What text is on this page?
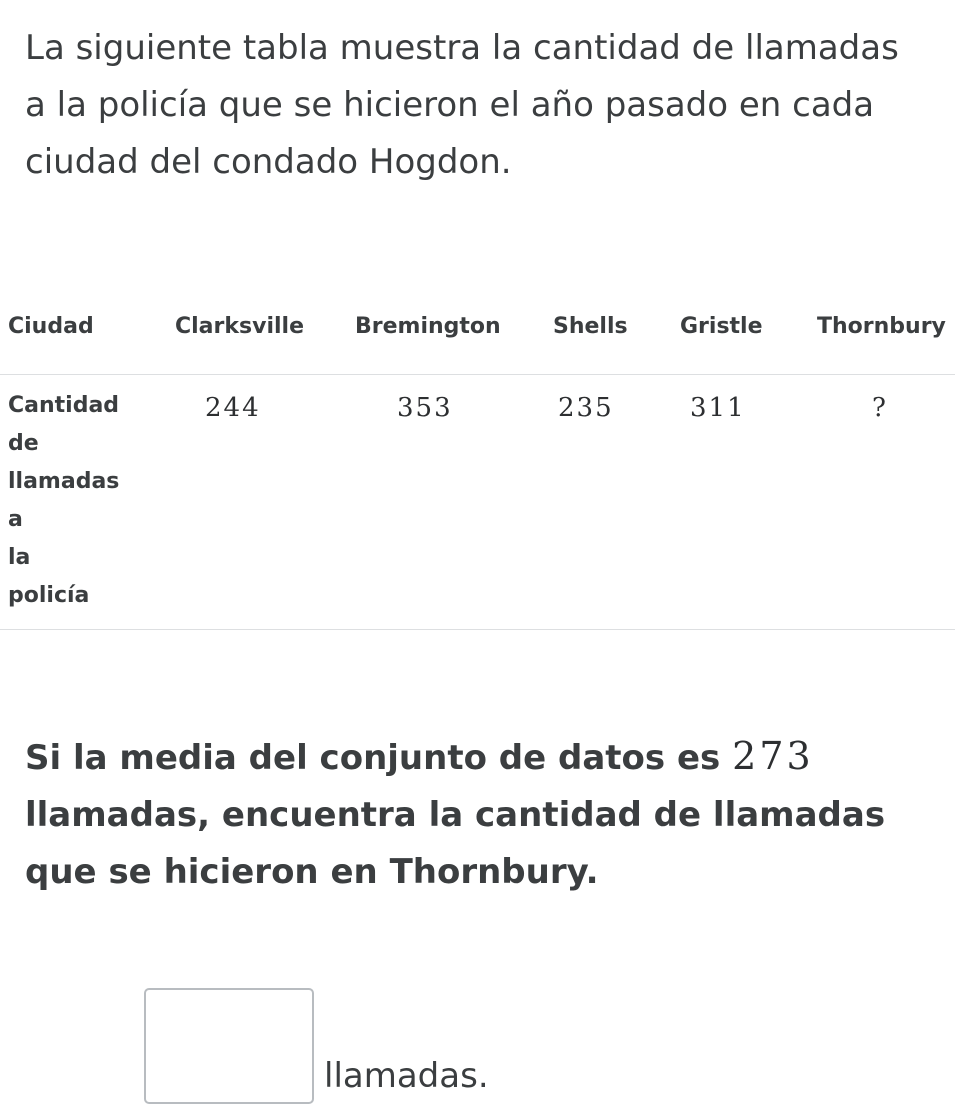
La siguiente tabla muestra la cantidad de llamadas a la policía que se hicieron el año pasado en cada ciudad del condado Hogdon.

Ciudad	Clarksville	Bremington	Shells	Gristle	Thornbury

Cantidad de llamadas a la policía	244	353	235	311	?

Si la media del conjunto de datos es 273 llamadas, encuentra la cantidad de llamadas que se hicieron en Thornbury.

llamadas.
